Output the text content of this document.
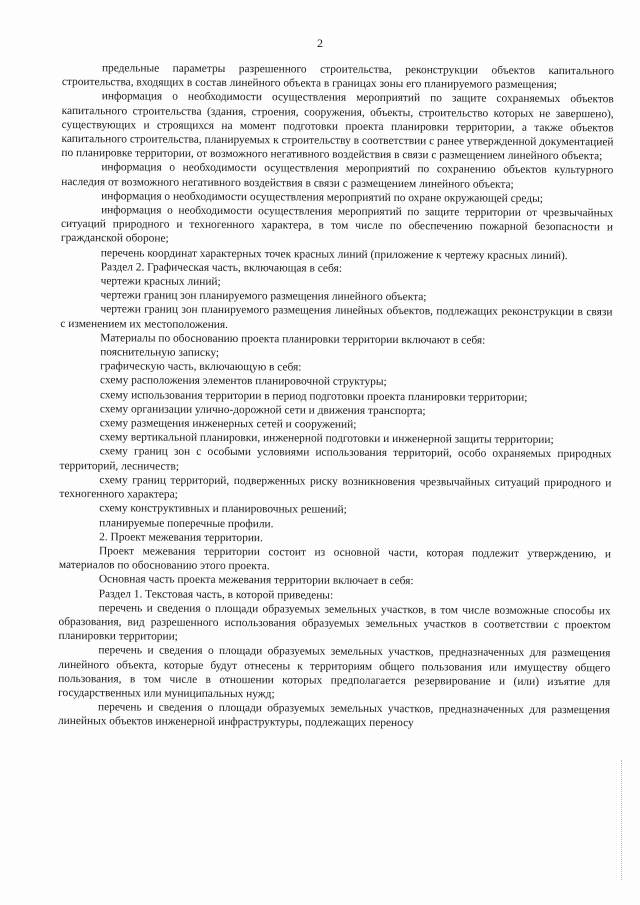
2

предельные параметры разрешенного строительства, реконструкции объектов капитального строительства, входящих в состав линейного объекта в границах зоны его планируемого размещения;

информация о необходимости осуществления мероприятий по защите сохраняемых объектов капитального строительства (здания, строения, сооружения, объекты, строительство которых не завершено), существующих и строящихся на момент подготовки проекта планировки территории, а также объектов капитального строительства, планируемых к строительству в соответствии с ранее утвержденной документацией по планировке территории, от возможного негативного воздействия в связи с размещением линейного объекта;

информация о необходимости осуществления мероприятий по сохранению объектов культурного наследия от возможного негативного воздействия в связи с размещением линейного объекта;

информация о необходимости осуществления мероприятий по охране окружающей среды;

информация о необходимости осуществления мероприятий по защите территории от чрезвычайных ситуаций природного и техногенного характера, в том числе по обеспечению пожарной безопасности и гражданской обороне;

перечень координат характерных точек красных линий (приложение к чертежу красных линий).

Раздел 2. Графическая часть, включающая в себя:

чертежи красных линий;

чертежи границ зон планируемого размещения линейного объекта;

чертежи границ зон планируемого размещения линейных объектов, подлежащих реконструкции в связи с изменением их местоположения.

Материалы по обоснованию проекта планировки территории включают в себя:

пояснительную записку;

графическую часть, включающую в себя:

схему расположения элементов планировочной структуры;

схему использования территории в период подготовки проекта планировки территории;

схему организации улично-дорожной сети и движения транспорта;

схему размещения инженерных сетей и сооружений;

схему вертикальной планировки, инженерной подготовки и инженерной защиты территории;

схему границ зон с особыми условиями использования территорий, особо охраняемых природных территорий, лесничеств;

схему границ территорий, подверженных риску возникновения чрезвычайных ситуаций природного и техногенного характера;

схему конструктивных и планировочных решений;

планируемые поперечные профили.

2. Проект межевания территории.

Проект межевания территории состоит из основной части, которая подлежит утверждению, и материалов по обоснованию этого проекта.

Основная часть проекта межевания территории включает в себя:

Раздел 1. Текстовая часть, в которой приведены:

перечень и сведения о площади образуемых земельных участков, в том числе возможные способы их образования, вид разрешенного использования образуемых земельных участков в соответствии с проектом планировки территории;

перечень и сведения о площади образуемых земельных участков, предназначенных для размещения линейного объекта, которые будут отнесены к территориям общего пользования или имуществу общего пользования, в том числе в отношении которых предполагается резервирование и (или) изъятие для государственных или муниципальных нужд;

перечень и сведения о площади образуемых земельных участков, предназначенных для размещения линейных объектов инженерной инфраструктуры, подлежащих переносу
